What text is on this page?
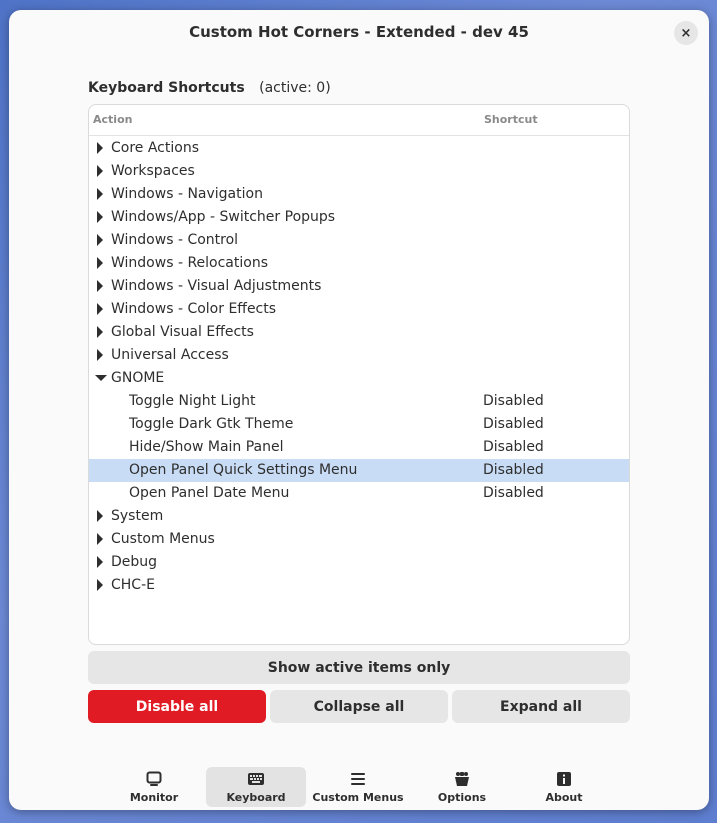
Custom Hot Corners - Extended - dev 45	×
Keyboard Shortcuts (active: 0)
Action	Shortcut
Core Actions
Workspaces
Windows - Navigation
Windows/App - Switcher Popups
Windows - Control
Windows - Relocations
Windows - Visual Adjustments
Windows - Color Effects
Global Visual Effects
Universal Access
GNOME
Toggle Night Light	Disabled
Toggle Dark Gtk Theme	Disabled
Hide/Show Main Panel	Disabled
Open Panel Quick Settings Menu	Disabled
Open Panel Date Menu	Disabled
System
Custom Menus
Debug
CHC-E
Show active items only
Disable all	Collapse all	Expand all
Monitor	Keyboard	Custom Menus	Options	About
